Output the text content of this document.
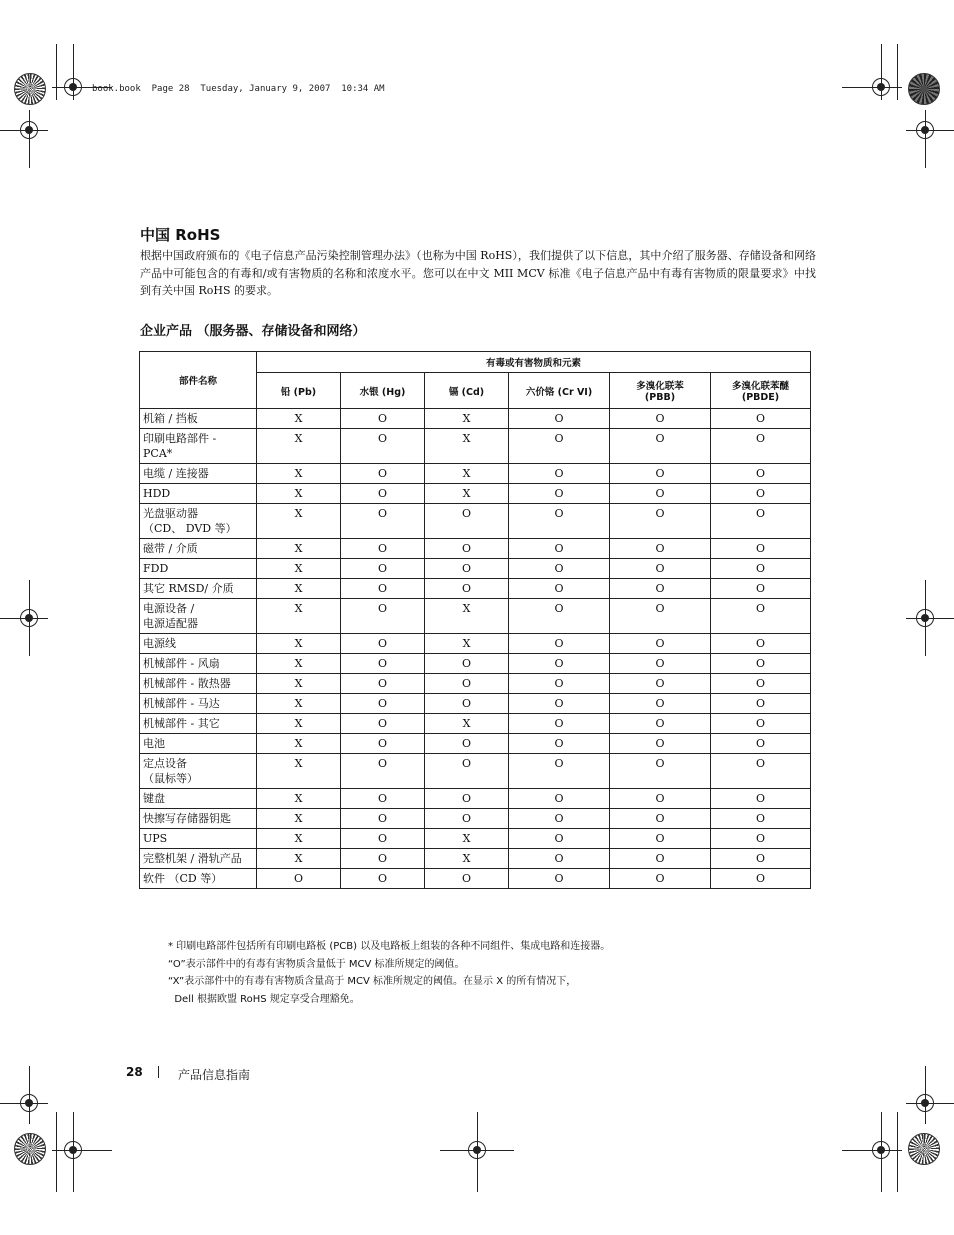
book.book  Page 28  Tuesday, January 9, 2007  10:34 AM
中国 RoHS
根据中国政府颁布的《电子信息产品污染控制管理办法》（也称为中国 RoHS），我们提供了以下信息，其中介绍了服务器、存储设备和网络产品中可能包含的有毒和/或有害物质的名称和浓度水平。您可以在中文 MII MCV 标准《电子信息产品中有毒有害物质的限量要求》中找到有关中国 RoHS 的要求。
企业产品 （服务器、存储设备和网络）
部件名称	有毒或有害物质和元素					
	铅 (Pb)	水银 (Hg)	镉 (Cd)	六价铬 (Cr VI)	多溴化联苯
(PBB)	多溴化联苯醚
(PBDE)
机箱 / 挡板	X	O	X	O	O	O
印刷电路部件 -
PCA*	X	O	X	O	O	O
电缆 / 连接器	X	O	X	O	O	O
HDD	X	O	X	O	O	O
光盘驱动器
（CD、 DVD 等）	X	O	O	O	O	O
磁带 / 介质	X	O	O	O	O	O
FDD	X	O	O	O	O	O
其它 RMSD/ 介质	X	O	O	O	O	O
电源设备 /
电源适配器	X	O	X	O	O	O
电源线	X	O	X	O	O	O
机械部件 - 风扇	X	O	O	O	O	O
机械部件 - 散热器	X	O	O	O	O	O
机械部件 - 马达	X	O	O	O	O	O
机械部件 - 其它	X	O	X	O	O	O
电池	X	O	O	O	O	O
定点设备
（鼠标等）	X	O	O	O	O	O
键盘	X	O	O	O	O	O
快擦写存储器钥匙	X	O	O	O	O	O
UPS	X	O	X	O	O	O
完整机架 / 滑轨产品	X	O	X	O	O	O
软件 （CD 等）	O	O	O	O	O	O
* 印刷电路部件包括所有印刷电路板 (PCB) 以及电路板上组装的各种不同组件、集成电路和连接器。
“O”表示部件中的有毒有害物质含量低于 MCV 标准所规定的阈值。
“X”表示部件中的有毒有害物质含量高于 MCV 标准所规定的阈值。在显示 X 的所有情况下，
Dell 根据欧盟 RoHS 规定享受合理豁免。
28	产品信息指南
